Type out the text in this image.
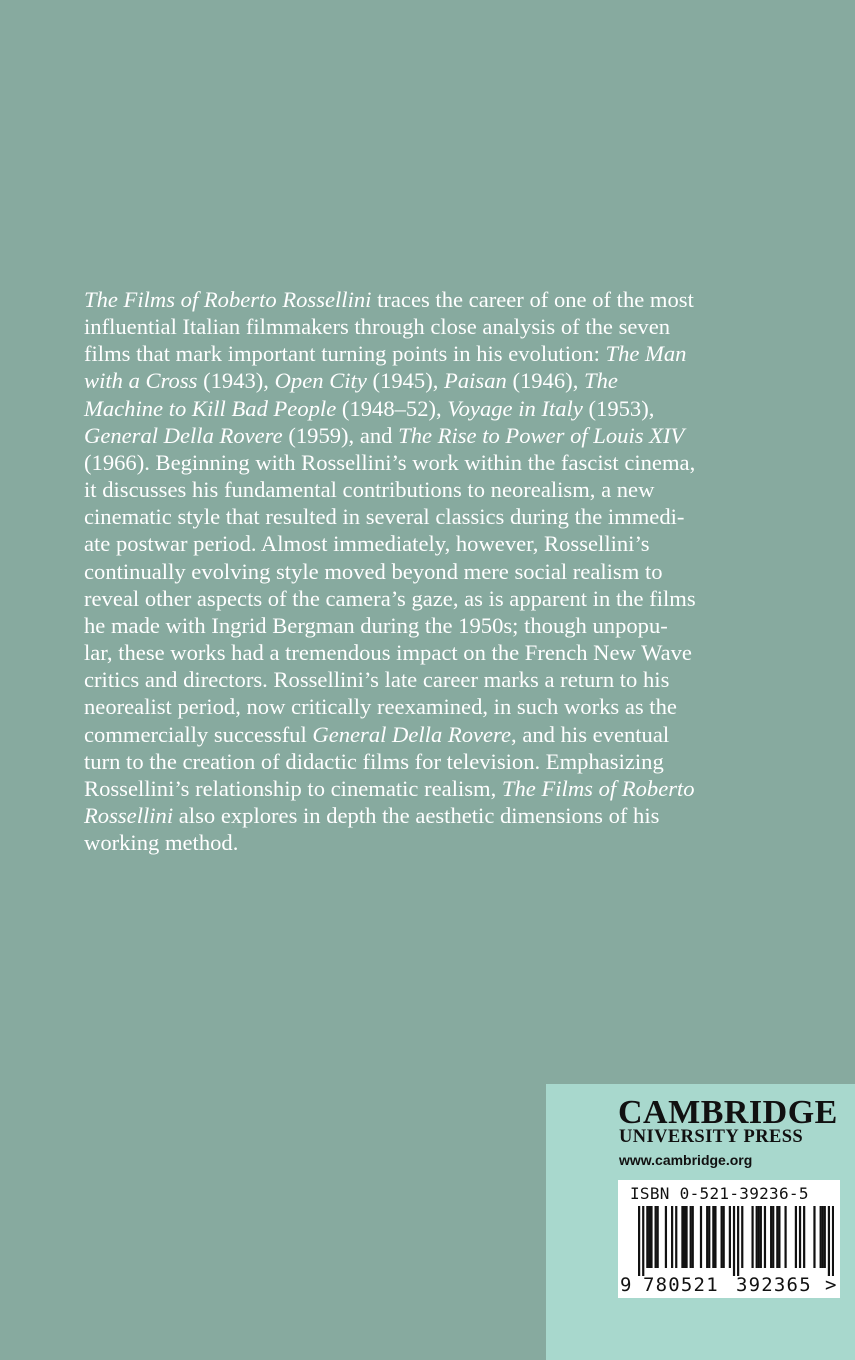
The Films of Roberto Rossellini traces the career of one of the most
influential Italian filmmakers through close analysis of the seven
films that mark important turning points in his evolution: The Man
with a Cross (1943), Open City (1945), Paisan (1946), The
Machine to Kill Bad People (1948–52), Voyage in Italy (1953),
General Della Rovere (1959), and The Rise to Power of Louis XIV
(1966). Beginning with Rossellini’s work within the fascist cinema,
it discusses his fundamental contributions to neorealism, a new
cinematic style that resulted in several classics during the immedi-
ate postwar period. Almost immediately, however, Rossellini’s
continually evolving style moved beyond mere social realism to
reveal other aspects of the camera’s gaze, as is apparent in the films
he made with Ingrid Bergman during the 1950s; though unpopu-
lar, these works had a tremendous impact on the French New Wave
critics and directors. Rossellini’s late career marks a return to his
neorealist period, now critically reexamined, in such works as the
commercially successful General Della Rovere, and his eventual
turn to the creation of didactic films for television. Emphasizing
Rossellini’s relationship to cinematic realism, The Films of Roberto
Rossellini also explores in depth the aesthetic dimensions of his
working method.
CAMBRIDGE
UNIVERSITY PRESS
www.cambridge.org
ISBN 0-521-39236-5
9 780521 392365 >
